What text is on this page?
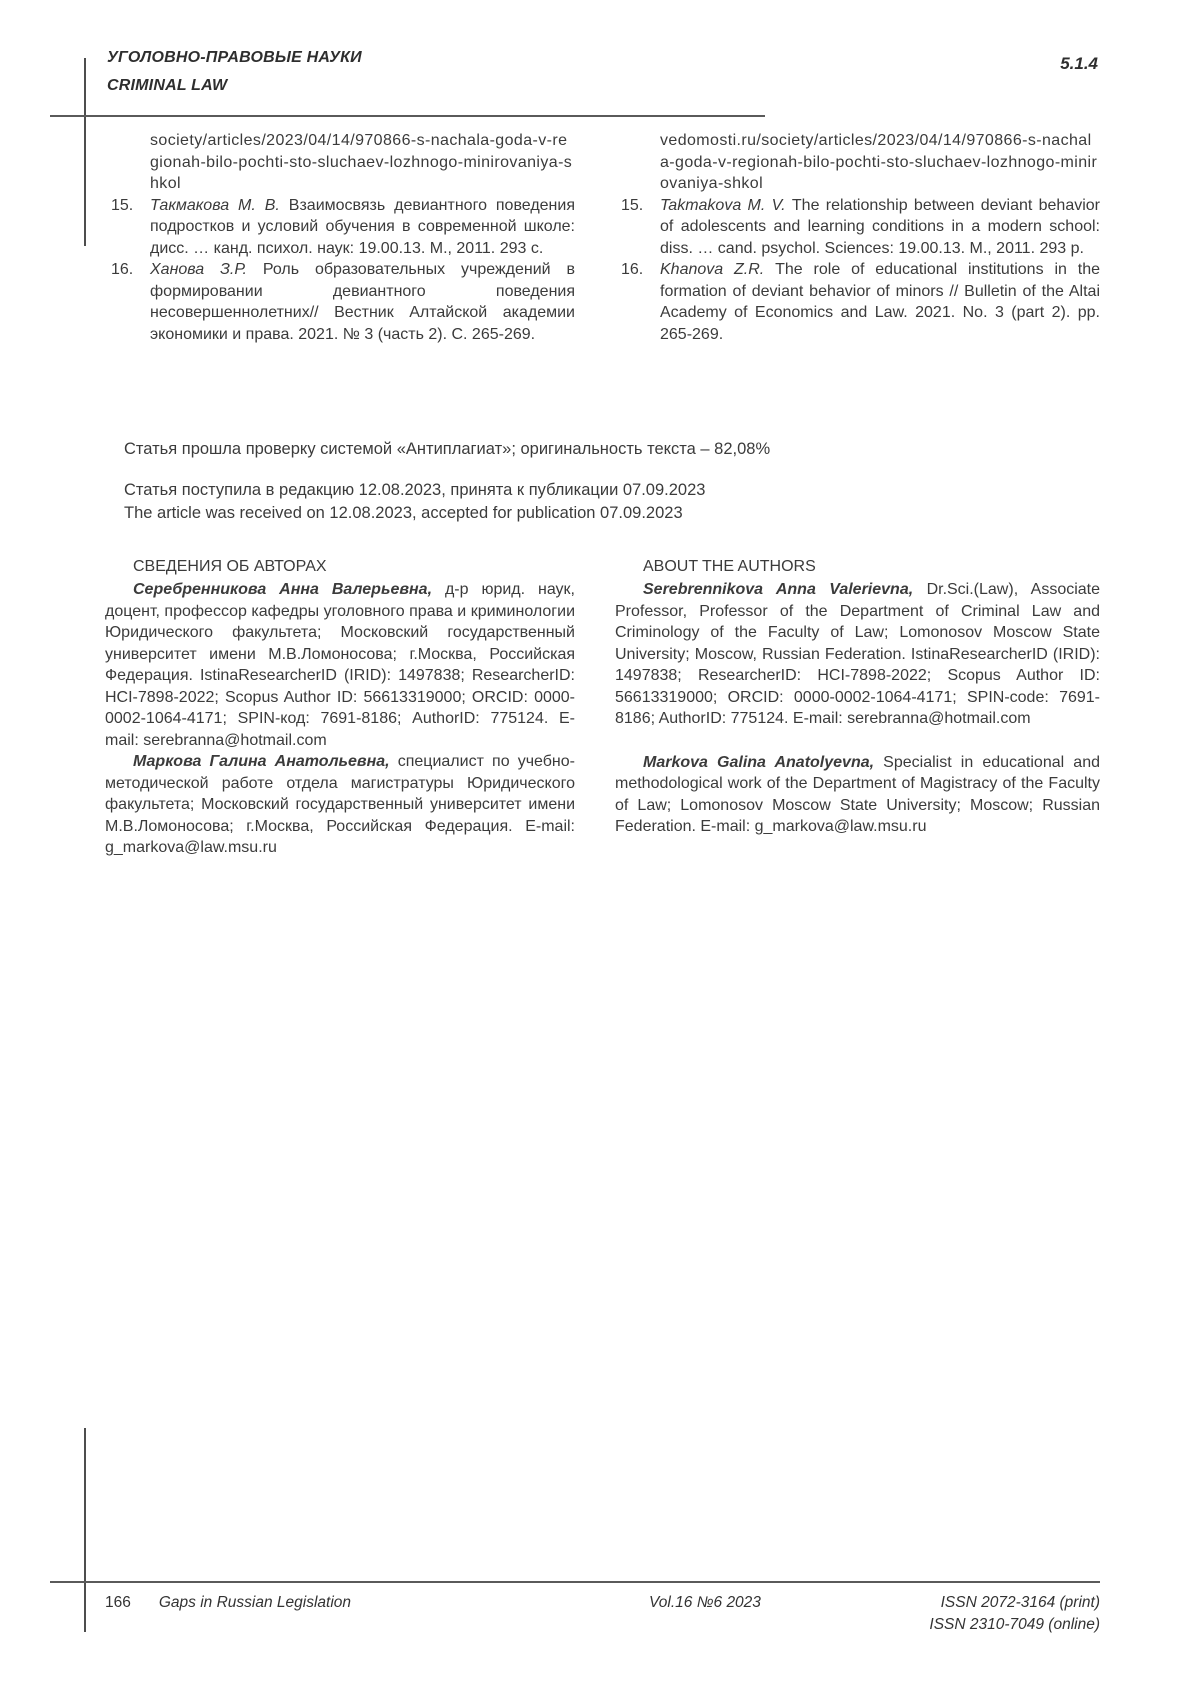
УГОЛОВНО-ПРАВОВЫЕ НАУКИ
CRIMINAL LAW
5.1.4
society/articles/2023/04/14/970866-s-nachala-goda-v-regionah-bilo-pochti-sto-sluchaev-lozhnogo-minirovaniya-shkol
15. Такмакова М. В. Взаимосвязь девиантного поведения подростков и условий обучения в современной школе: дисс. … канд. психол. наук: 19.00.13. М., 2011. 293 с.
16. Ханова З.Р. Роль образовательных учреждений в формировании девиантного поведения несовершеннолетних// Вестник Алтайской академии экономики и права. 2021. № 3 (часть 2). С. 265-269.
vedomosti.ru/society/articles/2023/04/14/970866-s-nachala-goda-v-regionah-bilo-pochti-sto-sluchaev-lozhnogo-minirovaniya-shkol
15. Takmakova M. V. The relationship between deviant behavior of adolescents and learning conditions in a modern school: diss. … cand. psychol. Sciences: 19.00.13. M., 2011. 293 p.
16. Khanova Z.R. The role of educational institutions in the formation of deviant behavior of minors // Bulletin of the Altai Academy of Economics and Law. 2021. No. 3 (part 2). pp. 265-269.
Статья прошла проверку системой «Антиплагиат»; оригинальность текста – 82,08%
Статья поступила в редакцию 12.08.2023, принята к публикации 07.09.2023
The article was received on 12.08.2023, accepted for publication 07.09.2023
СВЕДЕНИЯ ОБ АВТОРАХ
Серебренникова Анна Валерьевна, д-р юрид. наук, доцент, профессор кафедры уголовного права и криминологии Юридического факультета; Московский государственный университет имени М.В.Ломоносова; г.Москва, Российская Федерация. IstinaResearcherID (IRID): 1497838; ResearcherID: HCI-7898-2022; Scopus Author ID: 56613319000; ORCID: 0000-0002-1064-4171; SPIN-код: 7691-8186; AuthorID: 775124. E-mail: serebranna@hotmail.com
Маркова Галина Анатольевна, специалист по учебно-методической работе отдела магистратуры Юридического факультета; Московский государственный университет имени М.В.Ломоносова; г.Москва, Российская Федерация. E-mail: g_markova@law.msu.ru
ABOUT THE AUTHORS
Serebrennikova Anna Valerievna, Dr.Sci.(Law), Associate Professor, Professor of the Department of Criminal Law and Criminology of the Faculty of Law; Lomonosov Moscow State University; Moscow, Russian Federation. IstinaResearcherID (IRID): 1497838; ResearcherID: HCI-7898-2022; Scopus Author ID: 56613319000; ORCID: 0000-0002-1064-4171; SPIN-code: 7691-8186; AuthorID: 775124. E-mail: serebranna@hotmail.com
Markova Galina Anatolyevna, Specialist in educational and methodological work of the Department of Magistracy of the Faculty of Law; Lomonosov Moscow State University; Moscow; Russian Federation. E-mail: g_markova@law.msu.ru
166 Gaps in Russian Legislation	Vol.16 №6 2023	ISSN 2072-3164 (print)
ISSN 2310-7049 (online)
